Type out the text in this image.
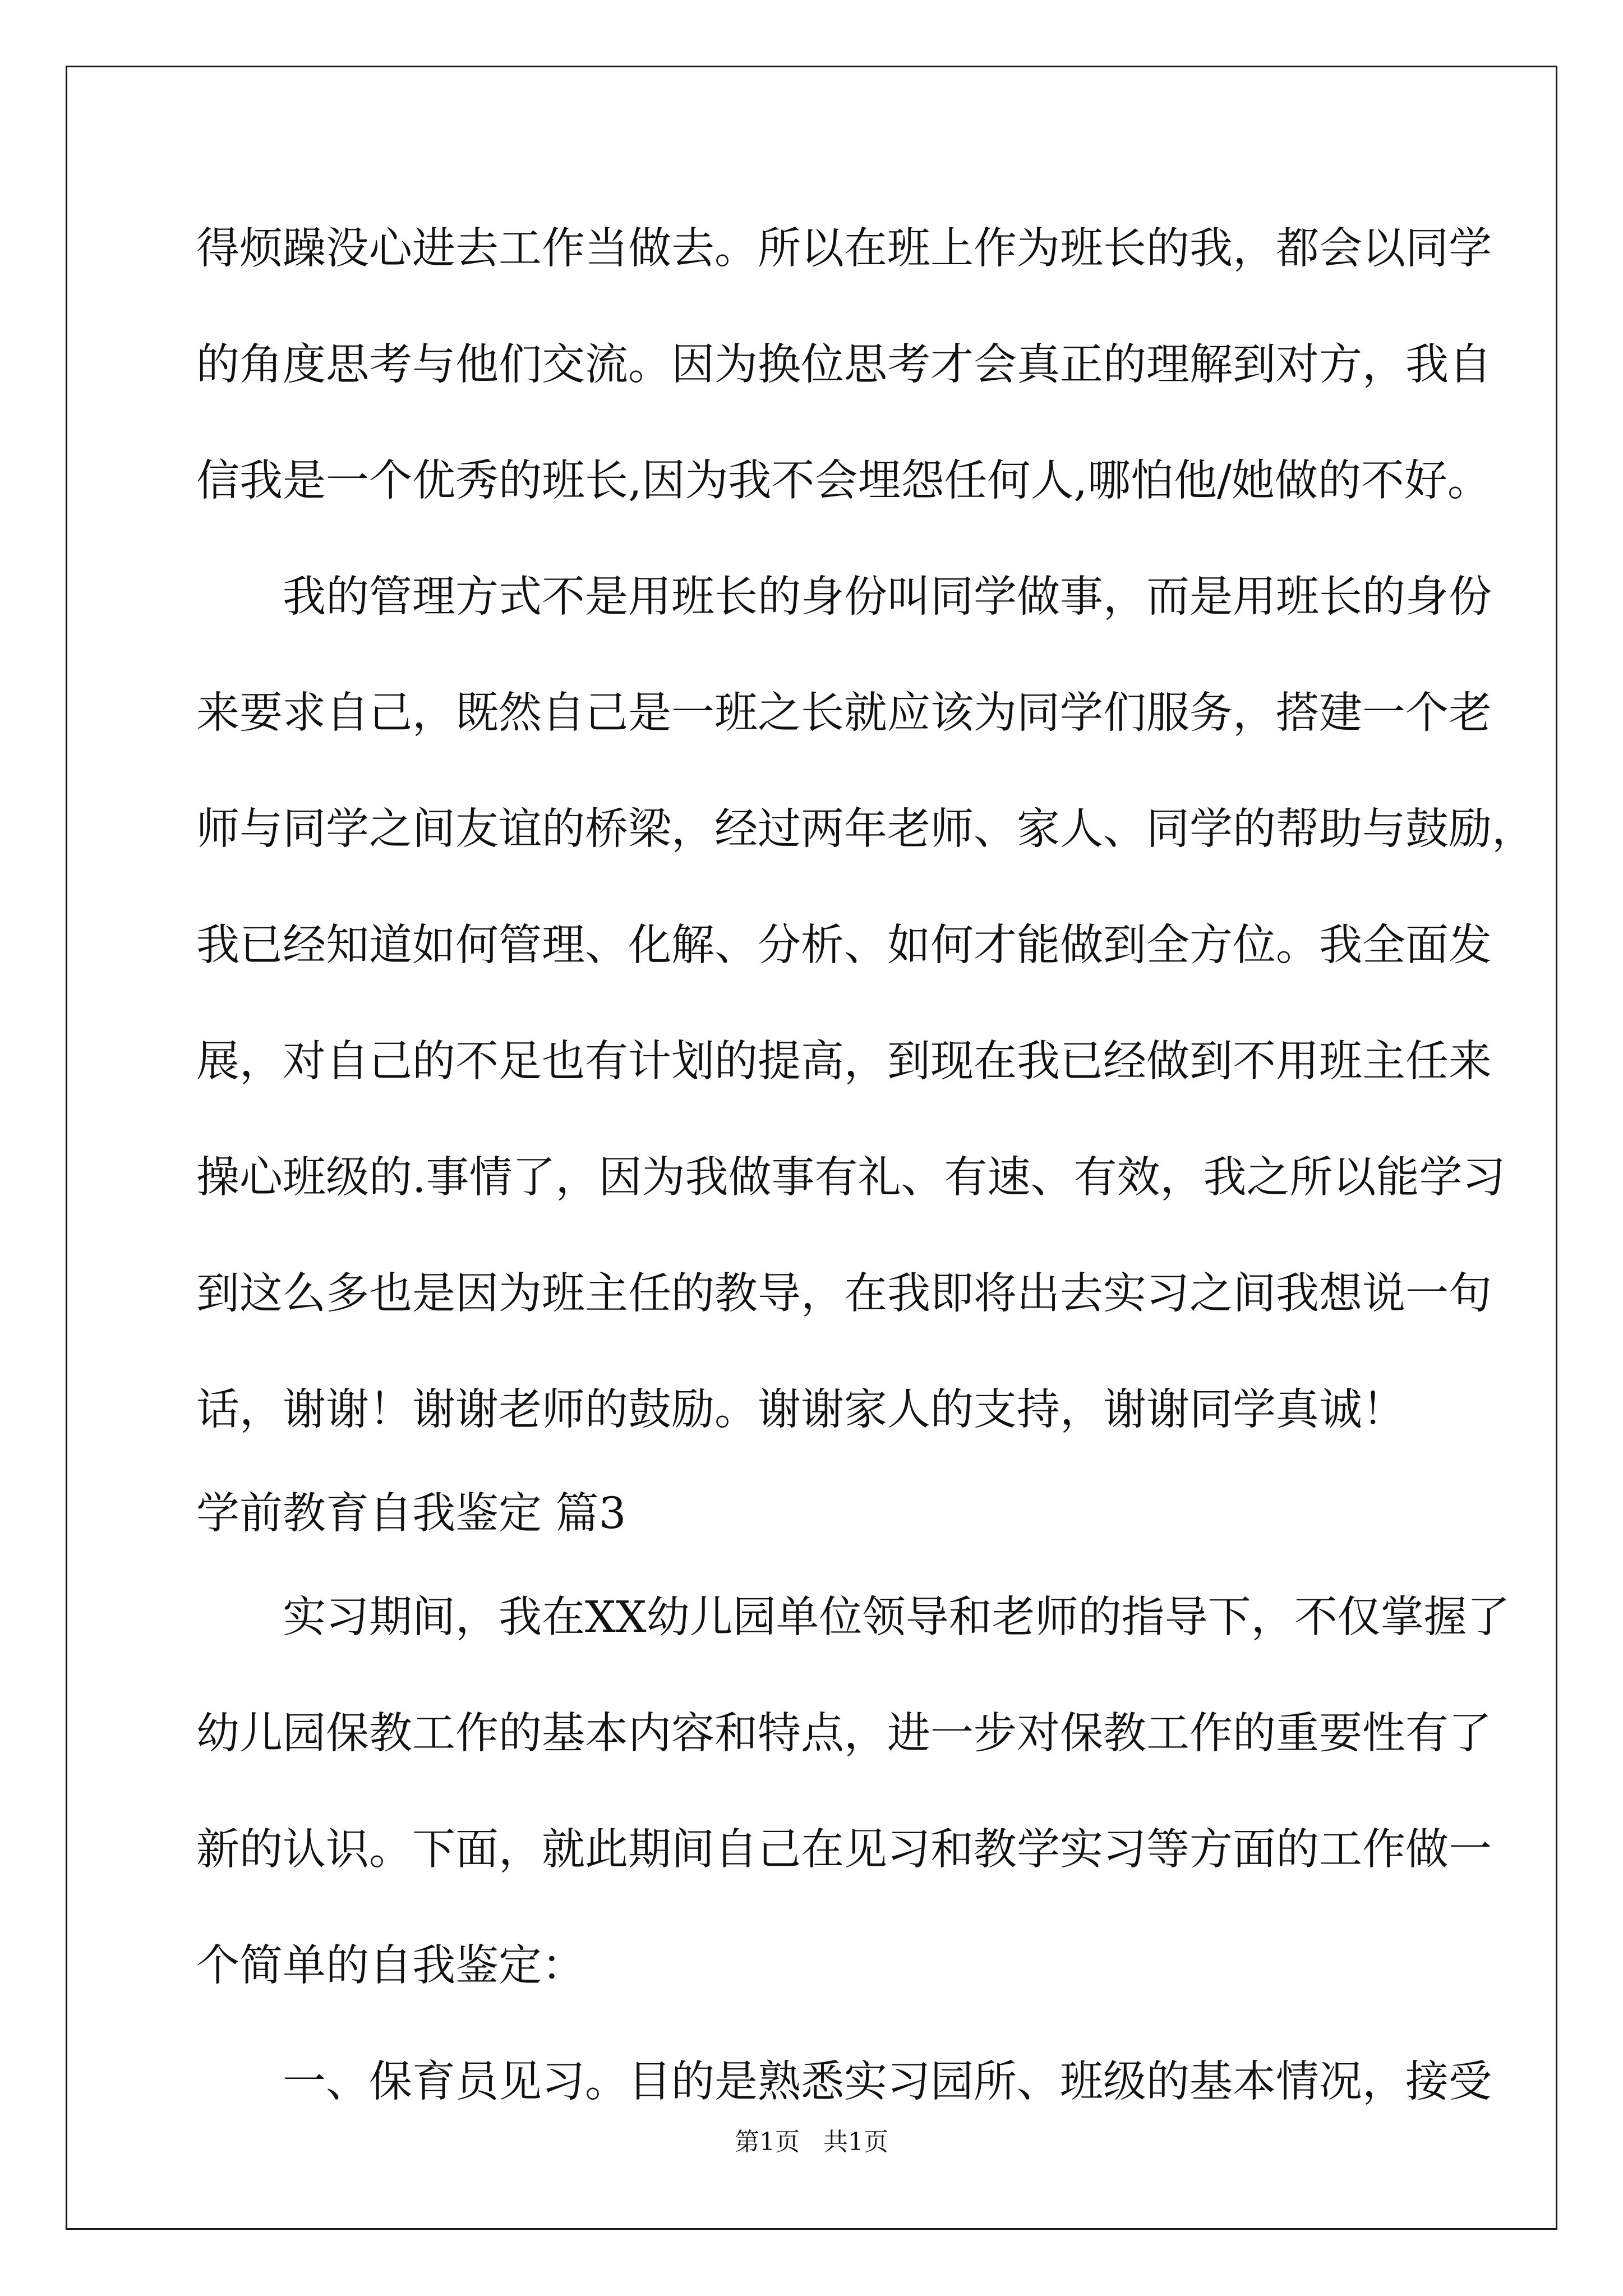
得烦躁没心进去工作当做去。所以在班上作为班长的我，都会以同学
的角度思考与他们交流。因为换位思考才会真正的理解到对方，我自
信我是一个优秀的班长,因为我不会埋怨任何人,哪怕他/她做的不好。
我的管理方式不是用班长的身份叫同学做事，而是用班长的身份
来要求自己，既然自己是一班之长就应该为同学们服务，搭建一个老
师与同学之间友谊的桥梁，经过两年老师、家人、同学的帮助与鼓励，
我已经知道如何管理、化解、分析、如何才能做到全方位。我全面发
展，对自己的不足也有计划的提高，到现在我已经做到不用班主任来
操心班级的.事情了，因为我做事有礼、有速、有效，我之所以能学习
到这么多也是因为班主任的教导，在我即将出去实习之间我想说一句
话，谢谢！谢谢老师的鼓励。谢谢家人的支持，谢谢同学真诚！
学前教育自我鉴定 篇3
实习期间，我在XX幼儿园单位领导和老师的指导下，不仅掌握了
幼儿园保教工作的基本内容和特点，进一步对保教工作的重要性有了
新的认识。下面，就此期间自己在见习和教学实习等方面的工作做一
个简单的自我鉴定：
一、保育员见习。目的是熟悉实习园所、班级的基本情况，接受
第1页   共1页
